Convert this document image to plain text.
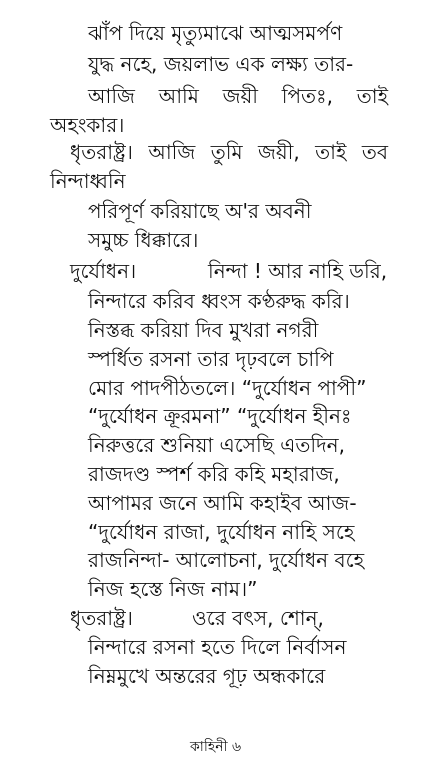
ঝাঁপ দিয়ে মৃত্যুমাঝে আত্মসমর্পণ
যুদ্ধ নহে, জয়লাভ এক লক্ষ্য তার-
আজি আমি জয়ী পিতঃ, তাই
অহংকার।
ধৃতরাষ্ট্র। আজি তুমি জয়ী, তাই তব
নিন্দাধ্বনি
পরিপূর্ণ করিয়াছে অ'র অবনী
সমুচ্চ ধিক্কারে।
দুর্যোধন।	নিন্দা ! আর নাহি ডরি,
নিন্দারে করিব ধ্বংস কণ্ঠরুদ্ধ করি।
নিস্তব্ধ করিয়া দিব মুখরা নগরী
স্পর্ধিত রসনা তার দৃঢ়বলে চাপি
মোর পাদপীঠতলে। “দুর্যোধন পাপী”
“দুর্যোধন ক্রূরমনা” “দুর্যোধন হীনঃ
নিরুত্তরে শুনিয়া এসেছি এতদিন,
রাজদণ্ড স্পর্শ করি কহি মহারাজ,
আপামর জনে আমি কহাইব আজ-
“দুর্যোধন রাজা, দুর্যোধন নাহি সহে
রাজনিন্দা- আলোচনা, দুর্যোধন বহে
নিজ হস্তে নিজ নাম।”
ধৃতরাষ্ট্র।	ওরে বৎস, শোন্,
নিন্দারে রসনা হতে দিলে নির্বাসন
নিম্নমুখে অন্তরের গূঢ় অন্ধকারে
কাহিনী ৬
